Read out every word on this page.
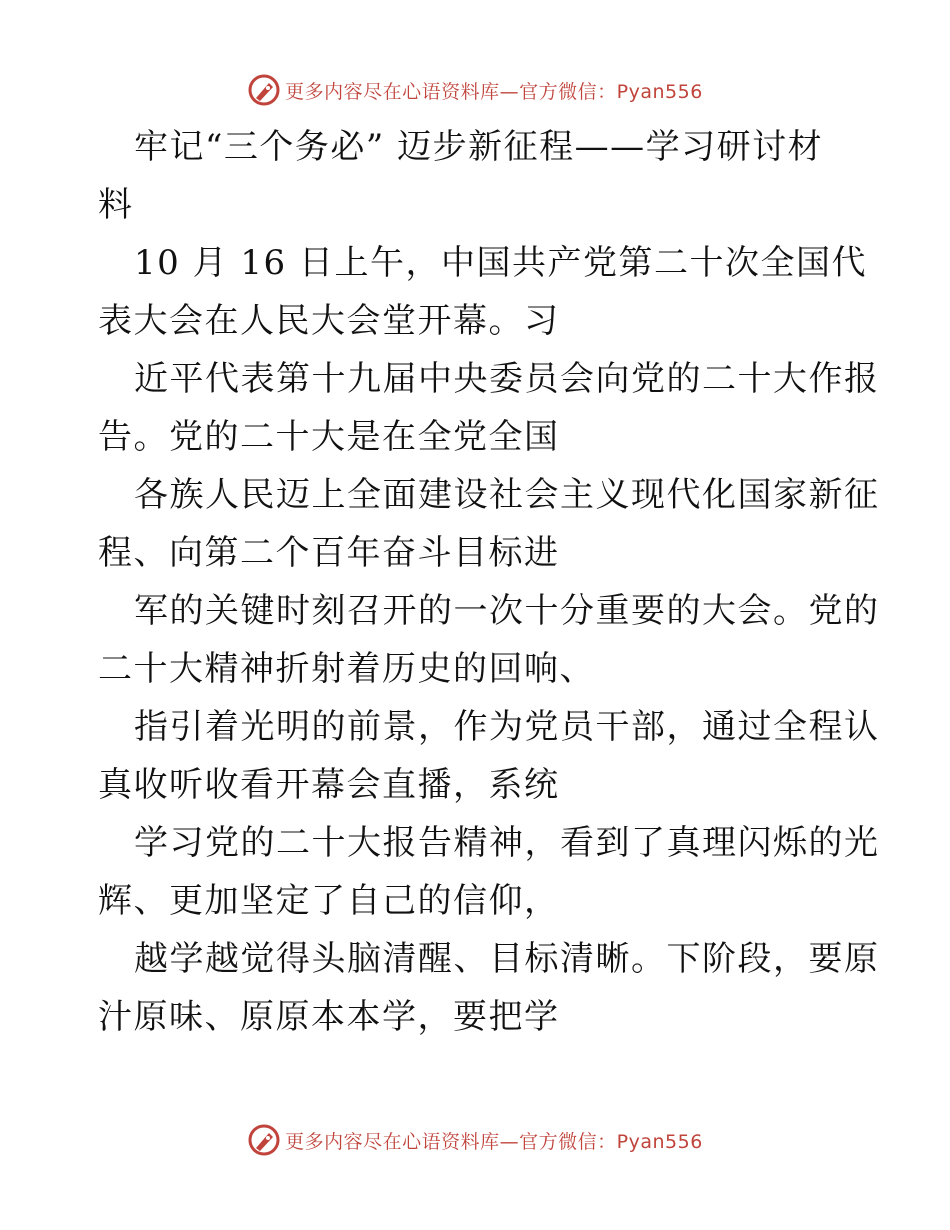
更多内容尽在心语资料库—官方微信：Pyan556
牢记“三个务必” 迈步新征程——学习研讨材
料
10 月 16 日上午，中国共产党第二十次全国代
表大会在人民大会堂开幕。习
近平代表第十九届中央委员会向党的二十大作报
告。党的二十大是在全党全国
各族人民迈上全面建设社会主义现代化国家新征
程、向第二个百年奋斗目标进
军的关键时刻召开的一次十分重要的大会。党的
二十大精神折射着历史的回响、
指引着光明的前景，作为党员干部，通过全程认
真收听收看开幕会直播，系统
学习党的二十大报告精神，看到了真理闪烁的光
辉、更加坚定了自己的信仰，
越学越觉得头脑清醒、目标清晰。下阶段，要原
汁原味、原原本本学，要把学
更多内容尽在心语资料库—官方微信：Pyan556
